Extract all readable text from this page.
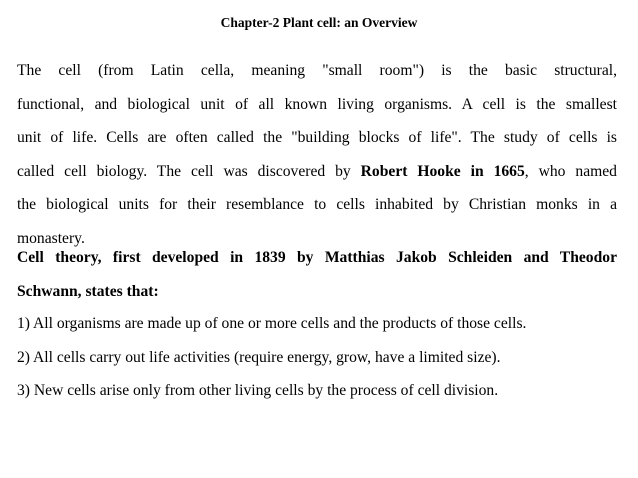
Chapter-2 Plant cell: an Overview
The cell (from Latin cella, meaning "small room") is the basic structural,
functional, and biological unit of all known living organisms. A cell is the smallest
unit of life. Cells are often called the "building blocks of life". The study of cells is
called cell biology. The cell was discovered by Robert Hooke in 1665, who named
the biological units for their resemblance to cells inhabited by Christian monks in a
monastery.
Cell theory, first developed in 1839 by Matthias Jakob Schleiden and Theodor
Schwann, states that:
1) All organisms are made up of one or more cells and the products of those cells.
2) All cells carry out life activities (require energy, grow, have a limited size).
3) New cells arise only from other living cells by the process of cell division.
